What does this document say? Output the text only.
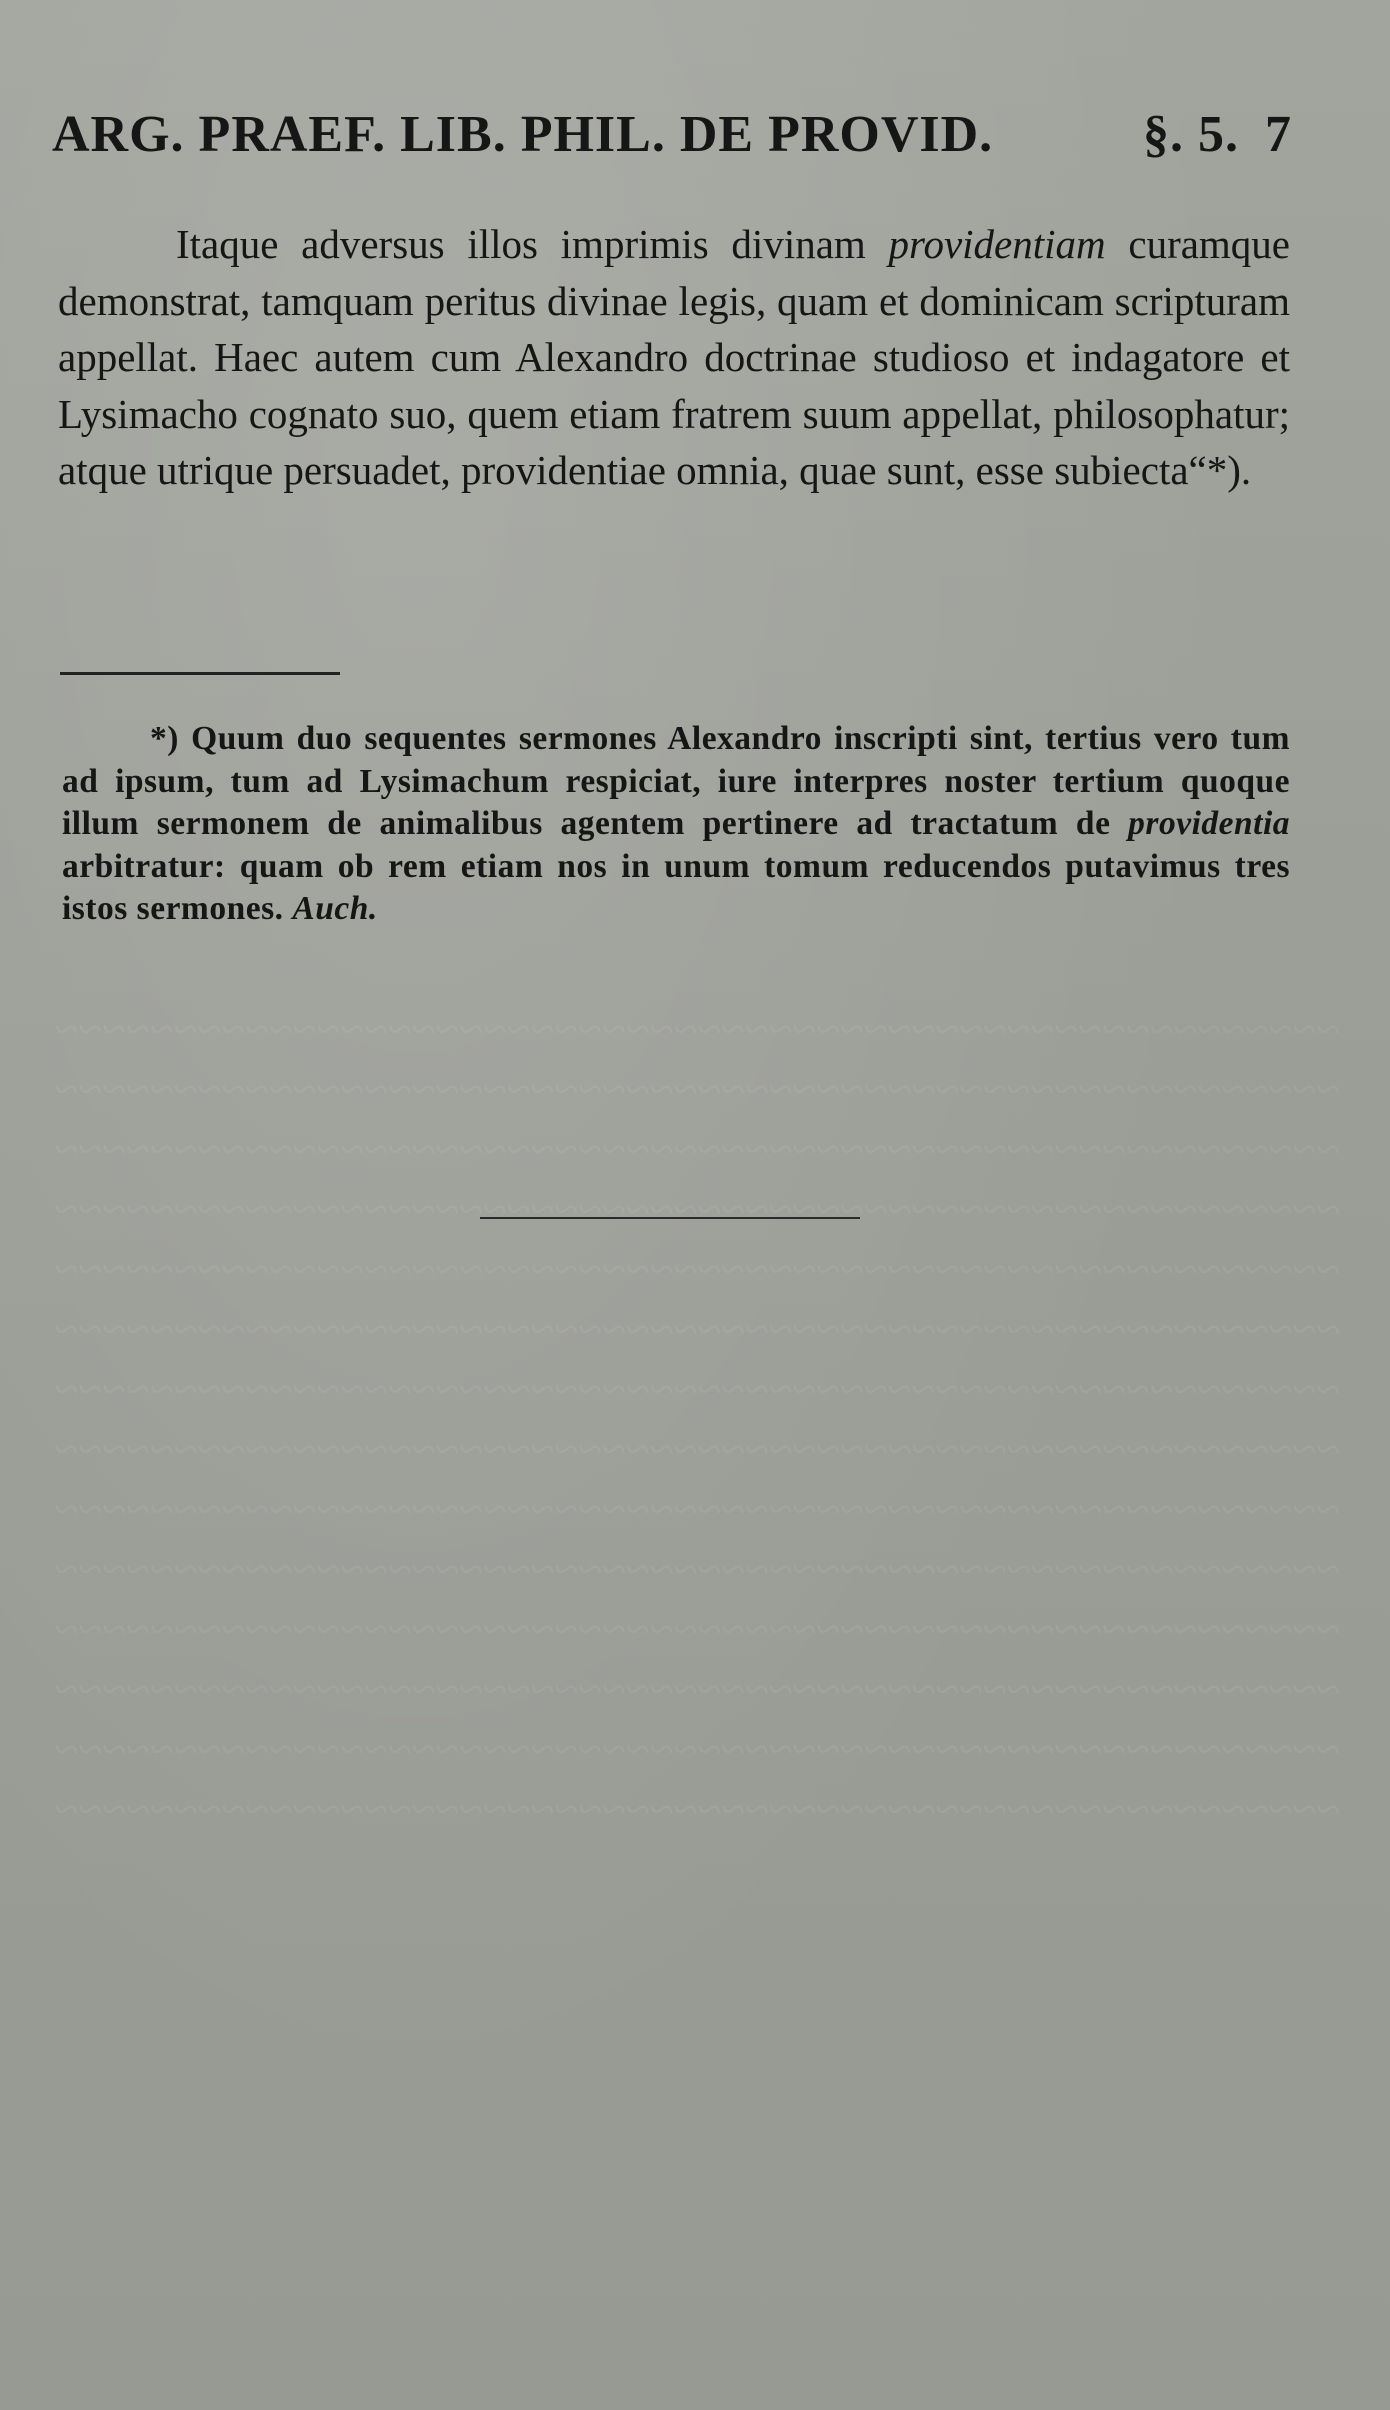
~~~~~~~~~~~~~~~~~~~~~~~~~~~~~~~~~~~~~~~~~~~~~~~~~~~~~~
~~~~~~~~~~~~~~~~~~~~~~~~~~~~~~~~~~~~~~~~~~~~~~~~~~~~~~
~~~~~~~~~~~~~~~~~~~~~~~~~~~~~~~~~~~~~~~~~~~~~~~~~~~~~~
~~~~~~~~~~~~~~~~~~~~~~~~~~~~~~~~~~~~~~~~~~~~~~~~~~~~~~
~~~~~~~~~~~~~~~~~~~~~~~~~~~~~~~~~~~~~~~~~~~~~~~~~~~~~~
~~~~~~~~~~~~~~~~~~~~~~~~~~~~~~~~~~~~~~~~~~~~~~~~~~~~~~
~~~~~~~~~~~~~~~~~~~~~~~~~~~~~~~~~~~~~~~~~~~~~~~~~~~~~~
~~~~~~~~~~~~~~~~~~~~~~~~~~~~~~~~~~~~~~~~~~~~~~~~~~~~~~
~~~~~~~~~~~~~~~~~~~~~~~~~~~~~~~~~~~~~~~~~~~~~~~~~~~~~~
~~~~~~~~~~~~~~~~~~~~~~~~~~~~~~~~~~~~~~~~~~~~~~~~~~~~~~
~~~~~~~~~~~~~~~~~~~~~~~~~~~~~~~~~~~~~~~~~~~~~~~~~~~~~~
~~~~~~~~~~~~~~~~~~~~~~~~~~~~~~~~~~~~~~~~~~~~~~~~~~~~~~
~~~~~~~~~~~~~~~~~~~~~~~~~~~~~~~~~~~~~~~~~~~~~~~~~~~~~~
~~~~~~~~~~~~~~~~~~~~~~~~~~~~~~~~~~~~~~~~~~~~~~~~~~~~~~
ARG. PRAEF. LIB. PHIL. DE PROVID.	§. 5. 7
Itaque adversus illos imprimis divinam providentiam curamque demonstrat, tamquam peritus divinae legis, quam et dominicam scripturam appellat. Haec autem cum Alexandro doctrinae studioso et indagatore et Lysimacho cognato suo, quem etiam fratrem suum appellat, philosophatur; atque utrique persuadet, providentiae omnia, quae sunt, esse subiecta“*).
*) Quum duo sequentes sermones Alexandro inscripti sint, tertius vero tum ad ipsum, tum ad Lysimachum respiciat, iure interpres noster tertium quoque illum sermonem de animalibus agentem pertinere ad tractatum de providentia arbitratur: quam ob rem etiam nos in unum tomum reducendos putavimus tres istos sermones. Auch.
